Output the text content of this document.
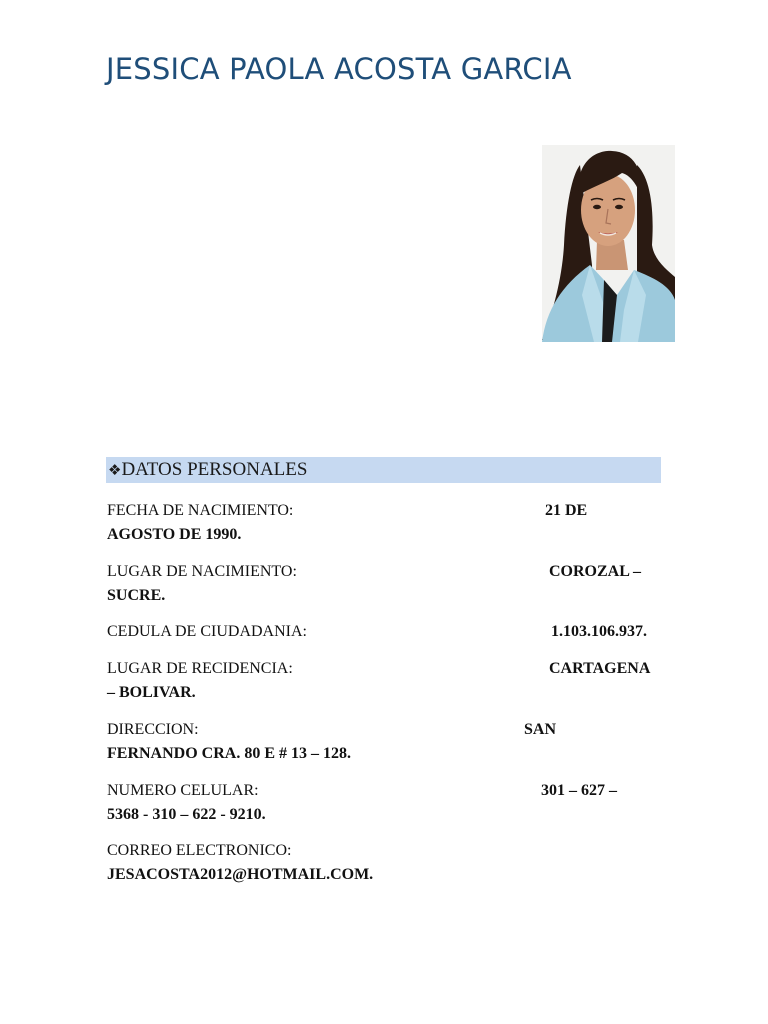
JESSICA PAOLA ACOSTA GARCIA
❖DATOS PERSONALES
FECHA DE NACIMIENTO:	21 DE
AGOSTO DE 1990.
LUGAR DE NACIMIENTO:	COROZAL –
SUCRE.
CEDULA DE CIUDADANIA:	1.103.106.937.
LUGAR DE RECIDENCIA:	CARTAGENA
– BOLIVAR.
DIRECCION:	SAN
FERNANDO CRA. 80 E # 13 – 128.
NUMERO CELULAR:	301 – 627 –
5368 - 310 – 622 - 9210.
CORREO ELECTRONICO:
JESACOSTA2012@HOTMAIL.COM.
